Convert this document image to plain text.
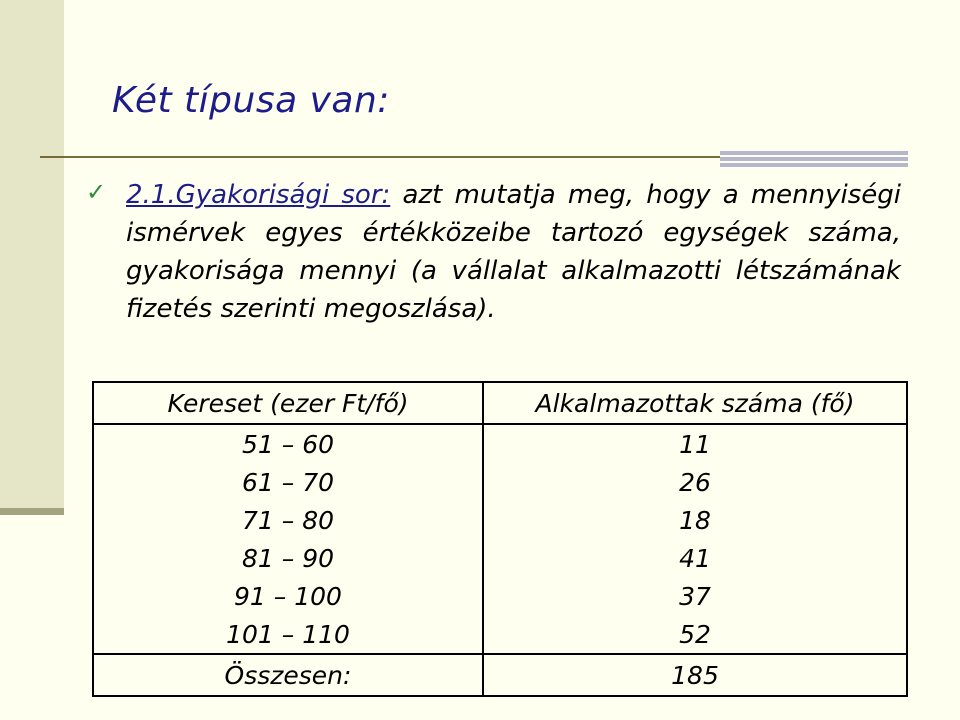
Két típusa van:
✓ 2.1.Gyakorisági sor: azt mutatja meg, hogy a mennyiségi ismérvek egyes értékközeibe tartozó egységek száma, gyakorisága mennyi (a vállalat alkalmazotti létszámának fizetés szerinti megoszlása).
Kereset (ezer Ft/fő)	Alkalmazottak száma (fő)
51 – 60	11
61 – 70	26
71 – 80	18
81 – 90	41
91 – 100	37
101 – 110	52
Összesen:	185
